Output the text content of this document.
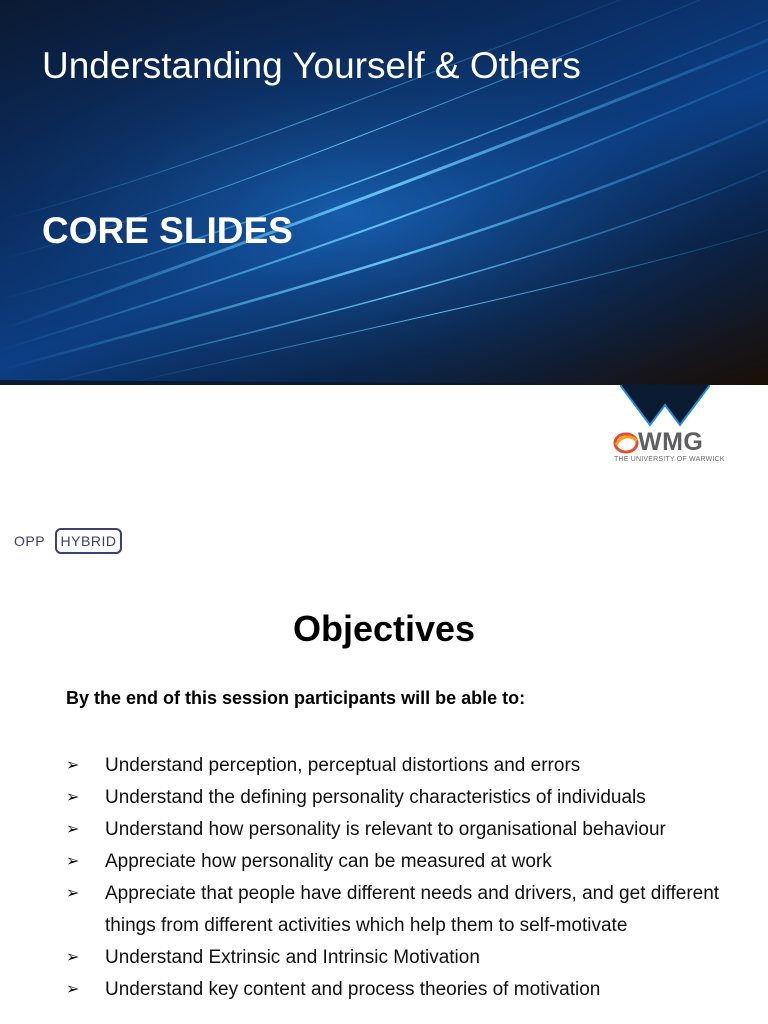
Understanding Yourself & Others
CORE SLIDES
WMG
THE UNIVERSITY OF WARWICK
OPP	HYBRID
Objectives

By the end of this session participants will be able to:

➢ Understand perception, perceptual distortions and errors
➢ Understand the defining personality characteristics of individuals
➢ Understand how personality is relevant to organisational behaviour
➢ Appreciate how personality can be measured at work
➢ Appreciate that people have different needs and drivers, and get different things from different activities which help them to self-motivate
➢ Understand Extrinsic and Intrinsic Motivation
➢ Understand key content and process theories of motivation
